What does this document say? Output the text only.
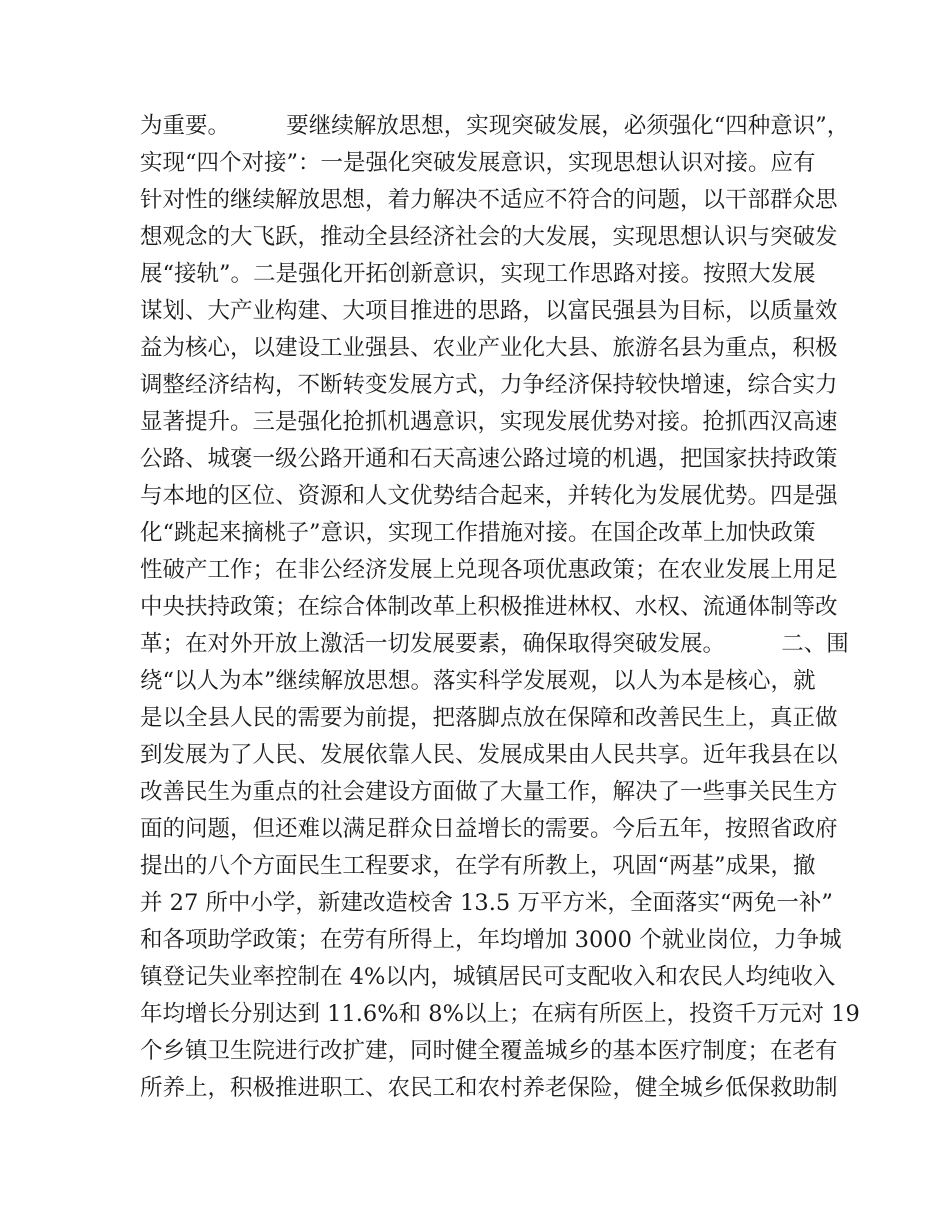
为重要。　　　要继续解放思想，实现突破发展，必须强化“四种意识”，
实现“四个对接”：一是强化突破发展意识，实现思想认识对接。应有
针对性的继续解放思想，着力解决不适应不符合的问题，以干部群众思
想观念的大飞跃，推动全县经济社会的大发展，实现思想认识与突破发
展“接轨”。二是强化开拓创新意识，实现工作思路对接。按照大发展
谋划、大产业构建、大项目推进的思路，以富民强县为目标，以质量效
益为核心，以建设工业强县、农业产业化大县、旅游名县为重点，积极
调整经济结构，不断转变发展方式，力争经济保持较快增速，综合实力
显著提升。三是强化抢抓机遇意识，实现发展优势对接。抢抓西汉高速
公路、城褒一级公路开通和石天高速公路过境的机遇，把国家扶持政策
与本地的区位、资源和人文优势结合起来，并转化为发展优势。四是强
化“跳起来摘桃子”意识，实现工作措施对接。在国企改革上加快政策
性破产工作；在非公经济发展上兑现各项优惠政策；在农业发展上用足
中央扶持政策；在综合体制改革上积极推进林权、水权、流通体制等改
革；在对外开放上激活一切发展要素，确保取得突破发展。　　　二、围
绕“以人为本”继续解放思想。落实科学发展观，以人为本是核心，就
是以全县人民的需要为前提，把落脚点放在保障和改善民生上，真正做
到发展为了人民、发展依靠人民、发展成果由人民共享。近年我县在以
改善民生为重点的社会建设方面做了大量工作，解决了一些事关民生方
面的问题，但还难以满足群众日益增长的需要。今后五年，按照省政府
提出的八个方面民生工程要求，在学有所教上，巩固“两基”成果，撤
并 27 所中小学，新建改造校舍 13.5 万平方米，全面落实“两免一补”
和各项助学政策；在劳有所得上，年均增加 3000 个就业岗位，力争城
镇登记失业率控制在 4%以内，城镇居民可支配收入和农民人均纯收入
年均增长分别达到 11.6%和 8%以上；在病有所医上，投资千万元对 19
个乡镇卫生院进行改扩建，同时健全覆盖城乡的基本医疗制度；在老有
所养上，积极推进职工、农民工和农村养老保险，健全城乡低保救助制
